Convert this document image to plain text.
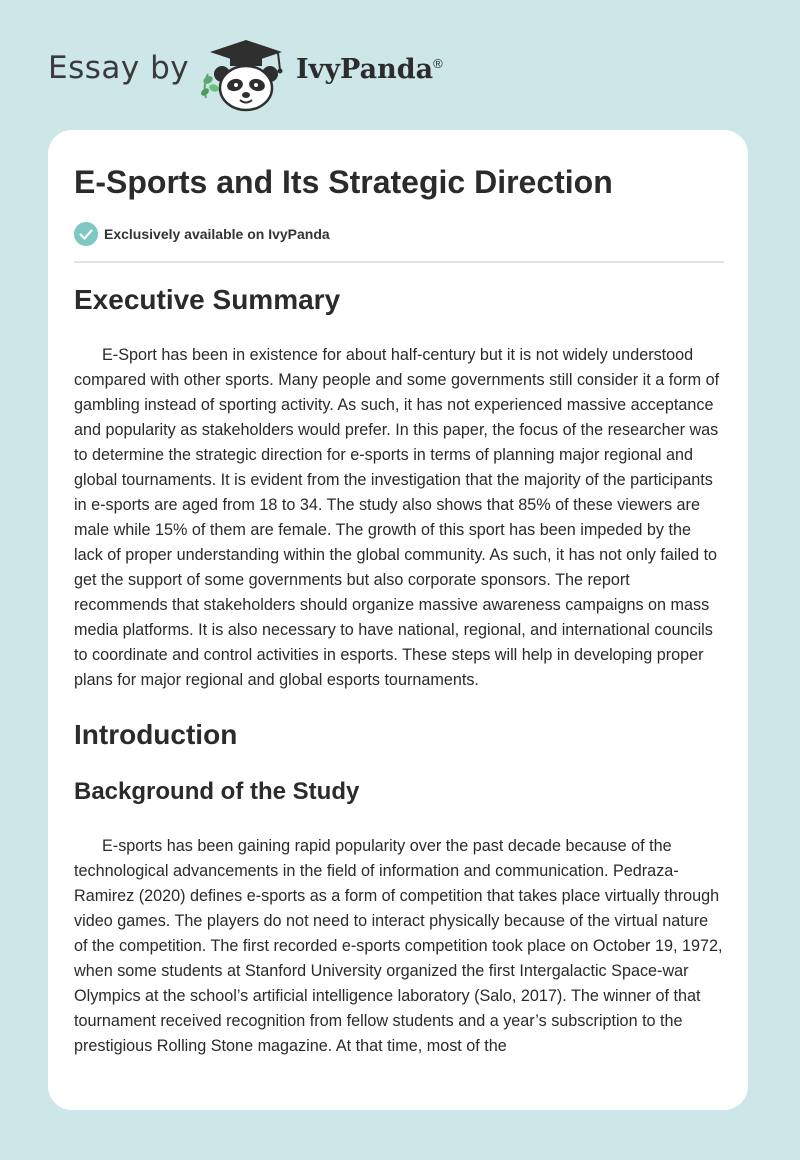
Essay by	IvyPanda®
E-Sports and Its Strategic Direction
Exclusively available on IvyPanda
Executive Summary

E-Sport has been in existence for about half-century but it is not widely understood compared with other sports. Many people and some governments still consider it a form of gambling instead of sporting activity. As such, it has not experienced massive acceptance and popularity as stakeholders would prefer. In this paper, the focus of the researcher was to determine the strategic direction for e-sports in terms of planning major regional and global tournaments. It is evident from the investigation that the majority of the participants in e-sports are aged from 18 to 34. The study also shows that 85% of these viewers are male while 15% of them are female. The growth of this sport has been impeded by the lack of proper understanding within the global community. As such, it has not only failed to get the support of some governments but also corporate sponsors. The report recommends that stakeholders should organize massive awareness campaigns on mass media platforms. It is also necessary to have national, regional, and international councils to coordinate and control activities in esports. These steps will help in developing proper plans for major regional and global esports tournaments.

Introduction
Background of the Study

E-sports has been gaining rapid popularity over the past decade because of the technological advancements in the field of information and communication. Pedraza-Ramirez (2020) defines e-sports as a form of competition that takes place virtually through video games. The players do not need to interact physically because of the virtual nature of the competition. The first recorded e-sports competition took place on October 19, 1972, when some students at Stanford University organized the first Intergalactic Space-war Olympics at the school’s artificial intelligence laboratory (Salo, 2017). The winner of that tournament received recognition from fellow students and a year’s subscription to the prestigious Rolling Stone magazine. At that time, most of the
